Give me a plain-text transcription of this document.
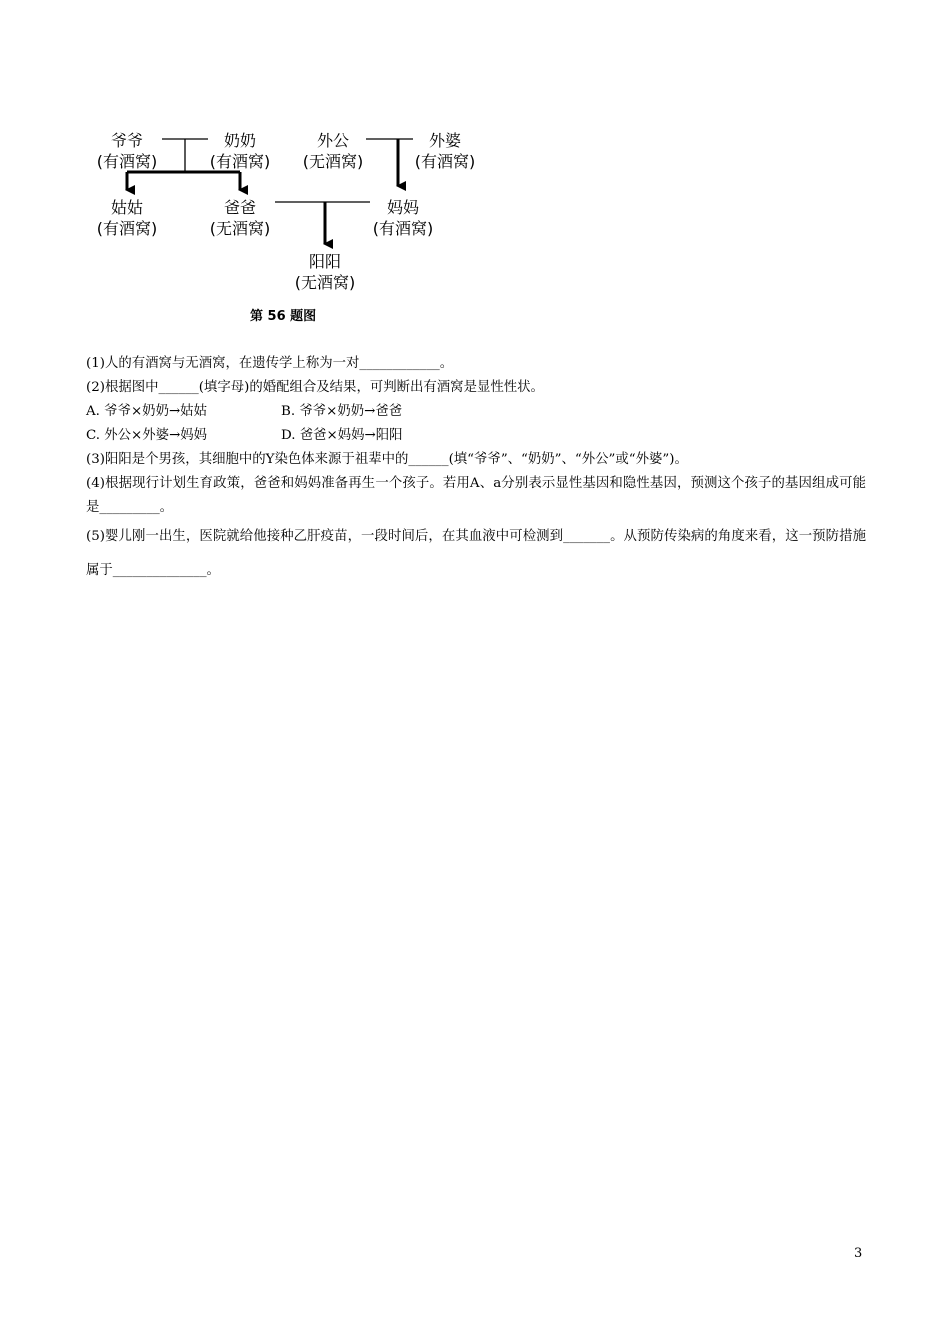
爷爷
(有酒窝)
奶奶
(有酒窝)
外公
(无酒窝)
外婆
(有酒窝)
姑姑
(有酒窝)
爸爸
(无酒窝)
妈妈
(有酒窝)
阳阳
(无酒窝)
第 56 题图

(1)人的有酒窝与无酒窝，在遗传学上称为一对____________。

(2)根据图中______(填字母)的婚配组合及结果，可判断出有酒窝是显性性状。

A. 爷爷×奶奶→姑姑	B. 爷爷×奶奶→爸爸
C. 外公×外婆→妈妈	D. 爸爸×妈妈→阳阳

(3)阳阳是个男孩，其细胞中的Y染色体来源于祖辈中的______(填“爷爷”、“奶奶”、“外公”或“外婆”)。

(4)根据现行计划生育政策，爸爸和妈妈准备再生一个孩子。若用A、a分别表示显性基因和隐性基因，预测这个孩子的基因组成可能是_________。

(5)婴儿刚一出生，医院就给他接种乙肝疫苗，一段时间后，在其血液中可检测到_______。从预防传染病的角度来看，这一预防措施属于______________。

3
